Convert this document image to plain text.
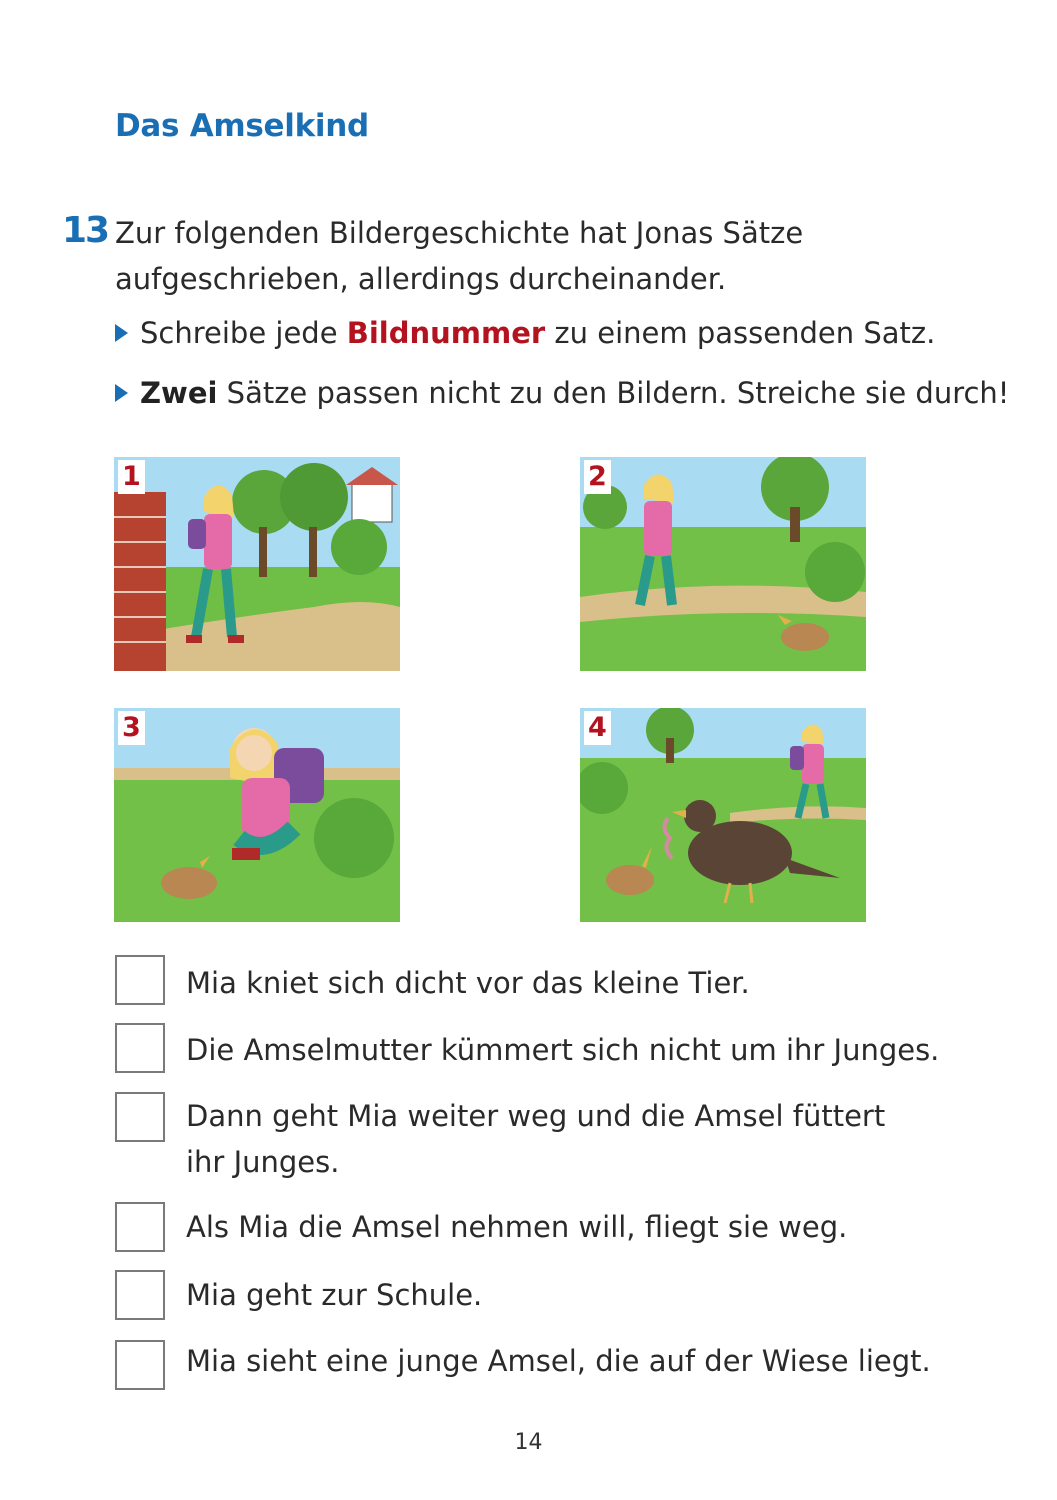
Das Amselkind
13 Zur folgenden Bildergeschichte hat Jonas Sätze aufgeschrieben, allerdings durcheinander.
Schreibe jede Bildnummer zu einem passenden Satz.
Zwei Sätze passen nicht zu den Bildern. Streiche sie durch!
1	2
3	4
Mia kniet sich dicht vor das kleine Tier.
Die Amselmutter kümmert sich nicht um ihr Junges.
Dann geht Mia weiter weg und die Amsel füttert ihr Junges.
Als Mia die Amsel nehmen will, fliegt sie weg.
Mia geht zur Schule.
Mia sieht eine junge Amsel, die auf der Wiese liegt.
14
